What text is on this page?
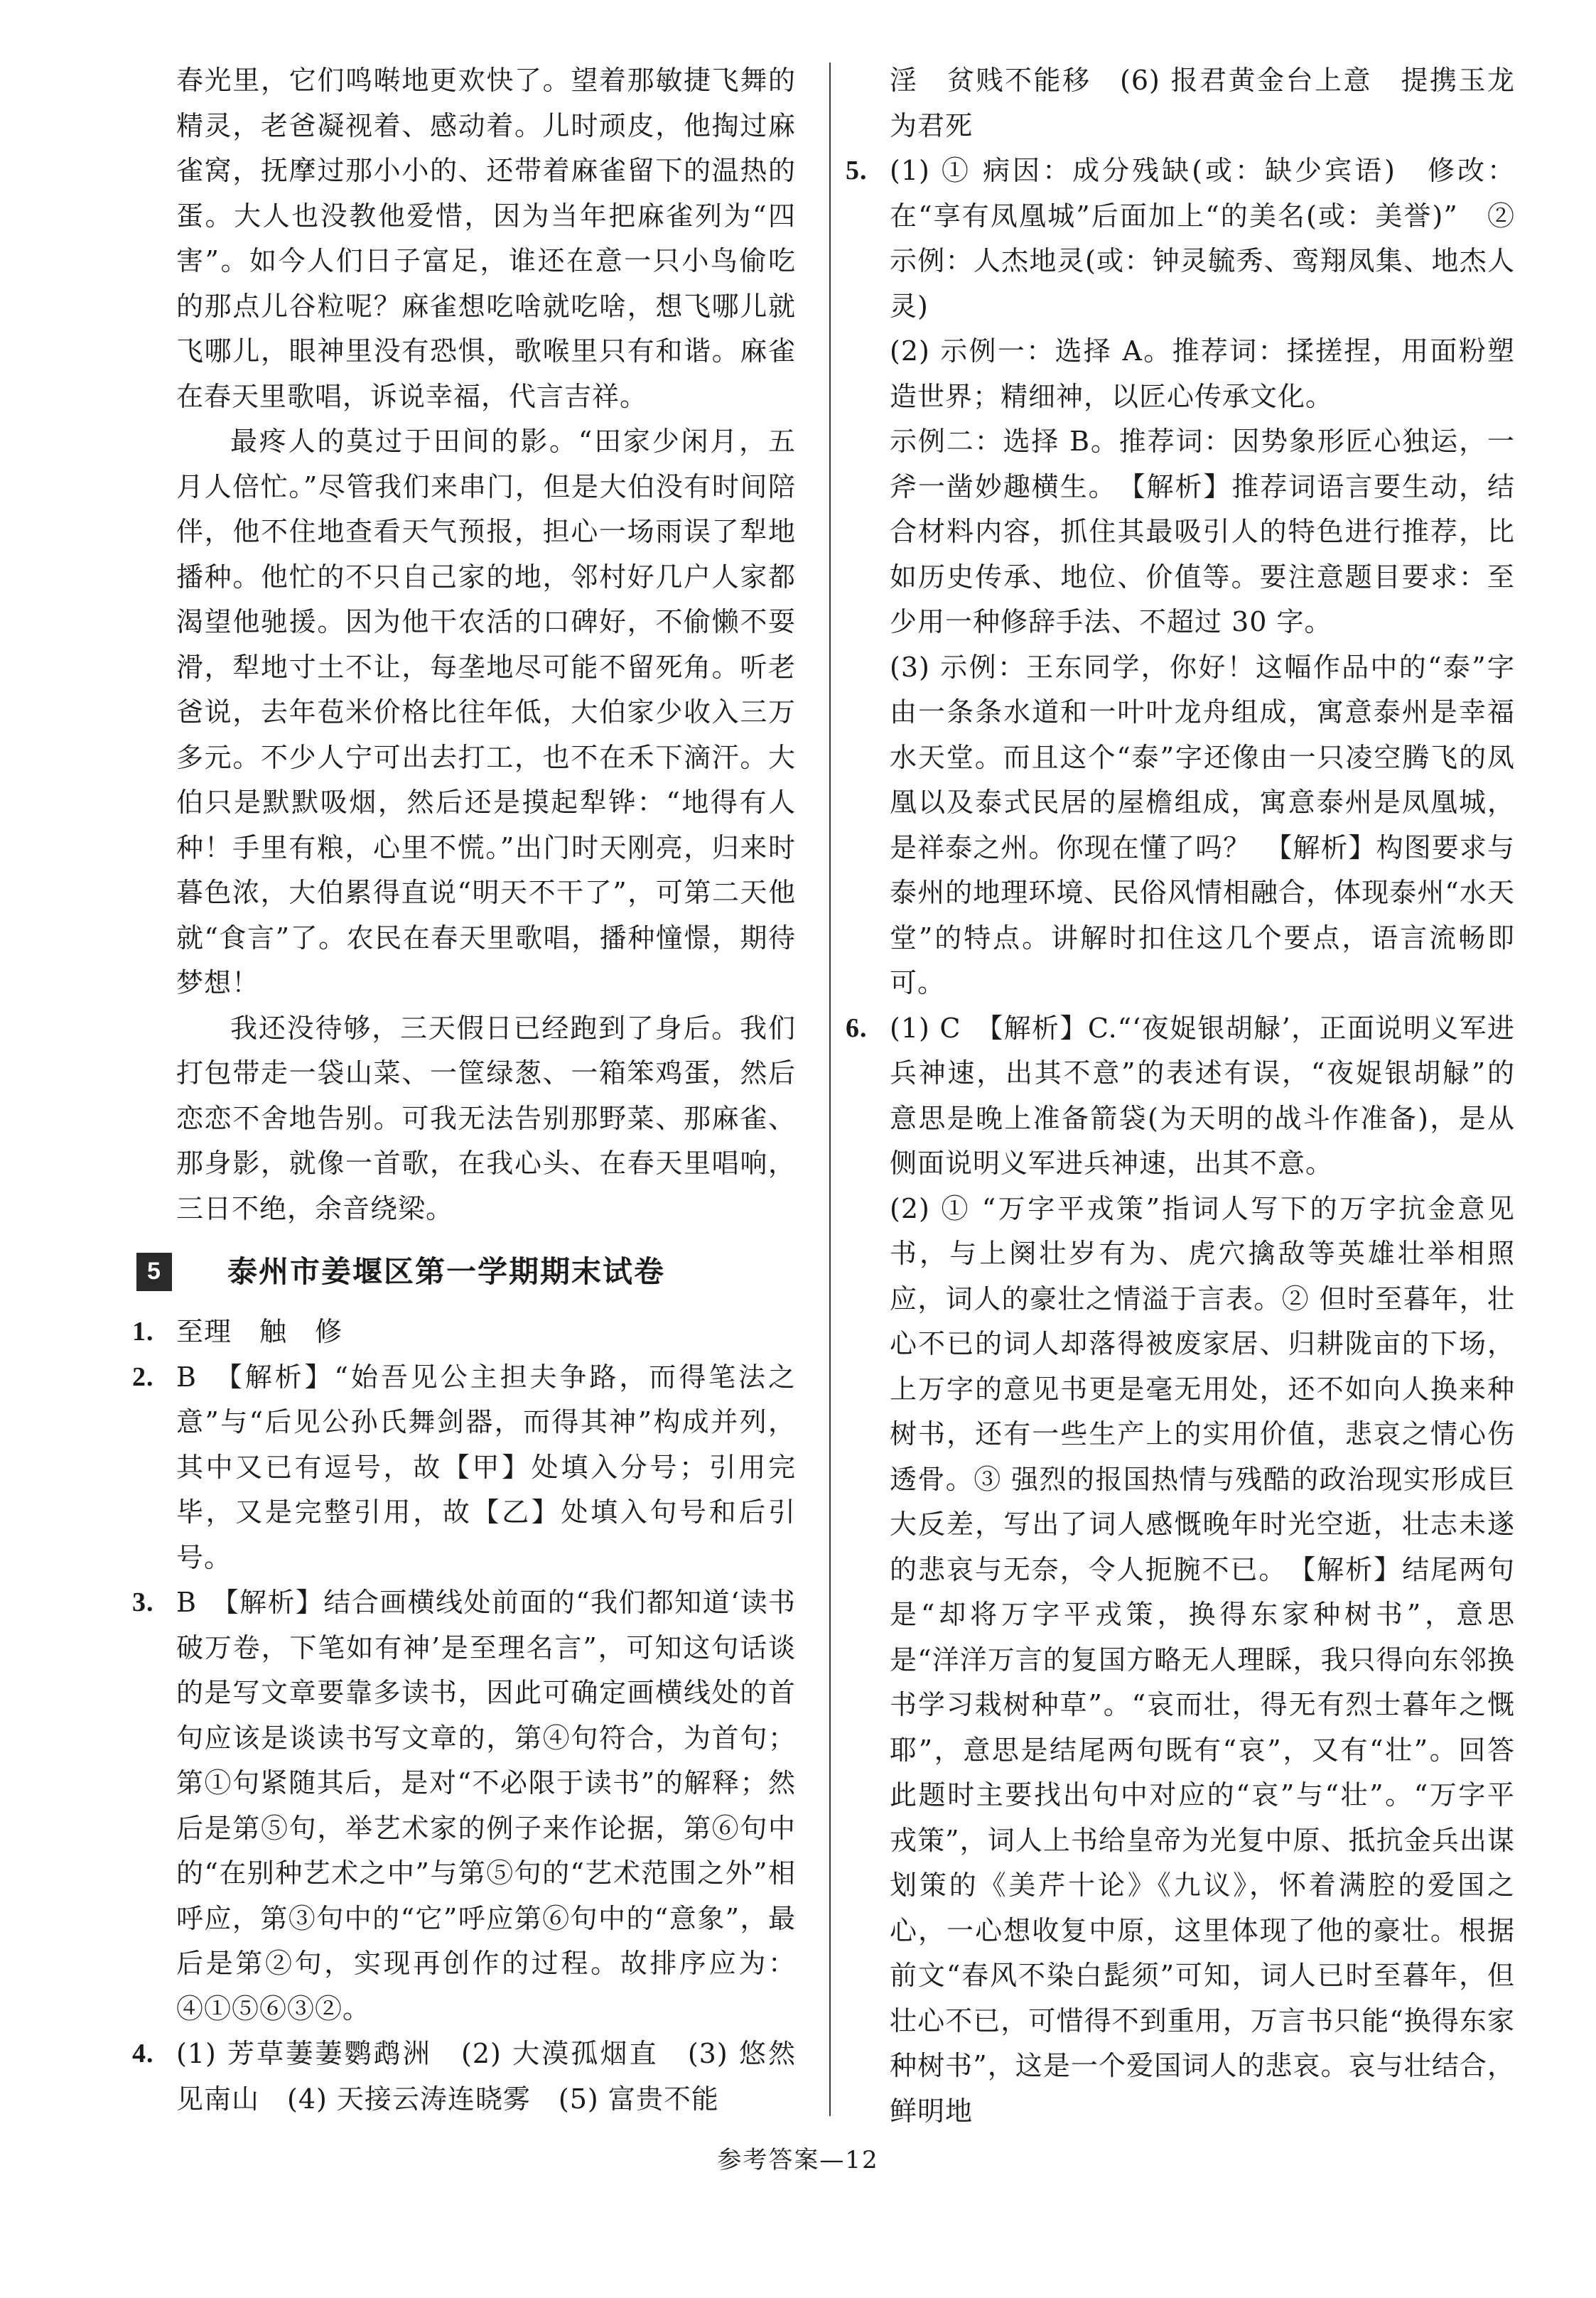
春光里，它们鸣啭地更欢快了。望着那敏捷飞舞的精灵，老爸凝视着、感动着。儿时顽皮，他掏过麻雀窝，抚摩过那小小的、还带着麻雀留下的温热的蛋。大人也没教他爱惜，因为当年把麻雀列为“四害”。如今人们日子富足，谁还在意一只小鸟偷吃的那点儿谷粒呢？麻雀想吃啥就吃啥，想飞哪儿就飞哪儿，眼神里没有恐惧，歌喉里只有和谐。麻雀在春天里歌唱，诉说幸福，代言吉祥。

最疼人的莫过于田间的影。“田家少闲月，五月人倍忙。”尽管我们来串门，但是大伯没有时间陪伴，他不住地查看天气预报，担心一场雨误了犁地播种。他忙的不只自己家的地，邻村好几户人家都渴望他驰援。因为他干农活的口碑好，不偷懒不耍滑，犁地寸土不让，每垄地尽可能不留死角。听老爸说，去年苞米价格比往年低，大伯家少收入三万多元。不少人宁可出去打工，也不在禾下滴汗。大伯只是默默吸烟，然后还是摸起犁铧：“地得有人种！手里有粮，心里不慌。”出门时天刚亮，归来时暮色浓，大伯累得直说“明天不干了”，可第二天他就“食言”了。农民在春天里歌唱，播种憧憬，期待梦想！

我还没待够，三天假日已经跑到了身后。我们打包带走一袋山菜、一筐绿葱、一箱笨鸡蛋，然后恋恋不舍地告别。可我无法告别那野菜、那麻雀、那身影，就像一首歌，在我心头、在春天里唱响，三日不绝，余音绕梁。

5	泰州市姜堰区第一学期期末试卷
1. 至理　触　修
2. B　【解析】“始吾见公主担夫争路，而得笔法之意”与“后见公孙氏舞剑器，而得其神”构成并列，其中又已有逗号，故【甲】处填入分号；引用完毕，又是完整引用，故【乙】处填入句号和后引号。
3. B　【解析】结合画横线处前面的“我们都知道‘读书破万卷，下笔如有神’是至理名言”，可知这句话谈的是写文章要靠多读书，因此可确定画横线处的首句应该是谈读书写文章的，第④句符合，为首句；第①句紧随其后，是对“不必限于读书”的解释；然后是第⑤句，举艺术家的例子来作论据，第⑥句中的“在别种艺术之中”与第⑤句的“艺术范围之外”相呼应，第③句中的“它”呼应第⑥句中的“意象”，最后是第②句，实现再创作的过程。故排序应为：④①⑤⑥③②。
4. (1) 芳草萋萋鹦鹉洲　(2) 大漠孤烟直　(3) 悠然见南山　(4) 天接云涛连晓雾　(5) 富贵不能

淫　贫贱不能移　(6) 报君黄金台上意　提携玉龙为君死

5. (1) ① 病因：成分残缺(或：缺少宾语)　修改：在“享有凤凰城”后面加上“的美名(或：美誉)”　② 示例：人杰地灵(或：钟灵毓秀、鸾翔凤集、地杰人灵)

(2) 示例一：选择 A。推荐词：揉搓捏，用面粉塑造世界；精细神，以匠心传承文化。

示例二：选择 B。推荐词：因势象形匠心独运，一斧一凿妙趣横生。　【解析】推荐词语言要生动，结合材料内容，抓住其最吸引人的特色进行推荐，比如历史传承、地位、价值等。要注意题目要求：至少用一种修辞手法、不超过 30 字。

(3) 示例：王东同学，你好！这幅作品中的“泰”字由一条条水道和一叶叶龙舟组成，寓意泰州是幸福水天堂。而且这个“泰”字还像由一只凌空腾飞的凤凰以及泰式民居的屋檐组成，寓意泰州是凤凰城，是祥泰之州。你现在懂了吗？　【解析】构图要求与泰州的地理环境、民俗风情相融合，体现泰州“水天堂”的特点。讲解时扣住这几个要点，语言流畅即可。

6. (1) C　【解析】C.“‘夜娖银胡觮’，正面说明义军进兵神速，出其不意”的表述有误，“夜娖银胡觮”的意思是晚上准备箭袋(为天明的战斗作准备)，是从侧面说明义军进兵神速，出其不意。

(2) ① “万字平戎策”指词人写下的万字抗金意见书，与上阕壮岁有为、虎穴擒敌等英雄壮举相照应，词人的豪壮之情溢于言表。② 但时至暮年，壮心不已的词人却落得被废家居、归耕陇亩的下场，上万字的意见书更是毫无用处，还不如向人换来种树书，还有一些生产上的实用价值，悲哀之情心伤透骨。③ 强烈的报国热情与残酷的政治现实形成巨大反差，写出了词人感慨晚年时光空逝，壮志未遂的悲哀与无奈，令人扼腕不已。　【解析】结尾两句是“却将万字平戎策，换得东家种树书”，意思是“洋洋万言的复国方略无人理睬，我只得向东邻换书学习栽树种草”。“哀而壮，得无有烈士暮年之慨耶”，意思是结尾两句既有“哀”，又有“壮”。回答此题时主要找出句中对应的“哀”与“壮”。“万字平戎策”，词人上书给皇帝为光复中原、抵抗金兵出谋划策的《美芹十论》《九议》，怀着满腔的爱国之心，一心想收复中原，这里体现了他的豪壮。根据前文“春风不染白髭须”可知，词人已时至暮年，但壮心不已，可惜得不到重用，万言书只能“换得东家种树书”，这是一个爱国词人的悲哀。哀与壮结合，鲜明地

参考答案—12
